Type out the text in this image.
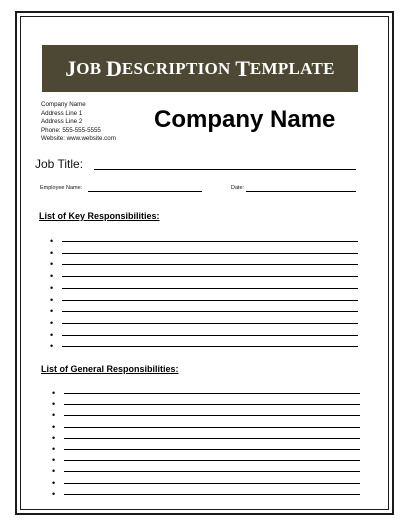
J OB D ESCRIPTION T EMPLATE
Company Name
Address Line 1
Address Line 2
Phone: 555-555-5555
Website: www.website.com
Company Name
Job Title:
Employee Name:	Date:
List of Key Responsibilities:
•
•
•
•
•
•
•
•
•
•
List of General Responsibilities:
•
•
•
•
•
•
•
•
•
•
